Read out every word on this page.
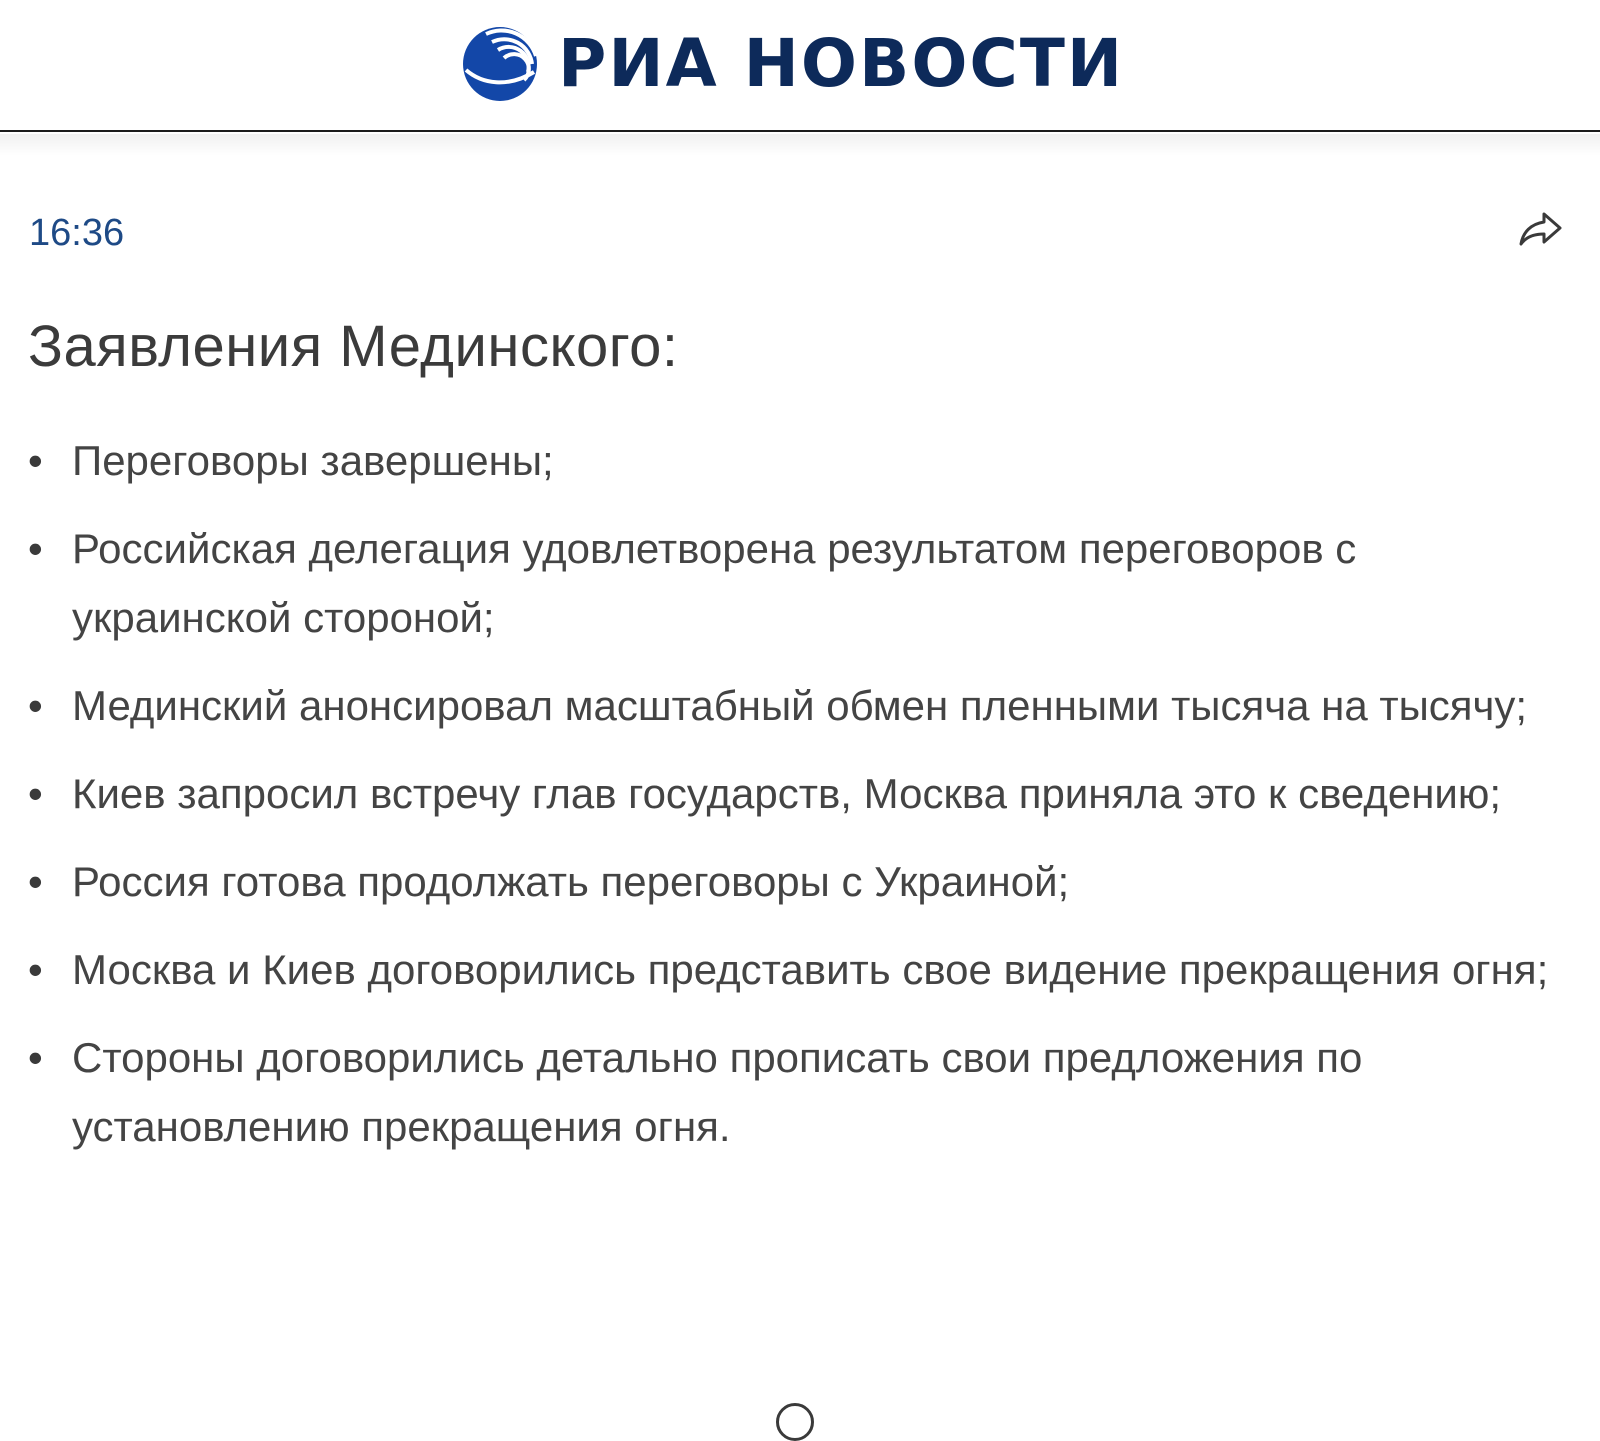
РИА НОВОСТИ
16:36
Заявления Мединского:
• Переговоры завершены;
• Российская делегация удовлетворена результатом переговоров с украинской стороной;
• Мединский анонсировал масштабный обмен пленными тысяча на тысячу;
• Киев запросил встречу глав государств, Москва приняла это к сведению;
• Россия готова продолжать переговоры с Украиной;
• Москва и Киев договорились представить свое видение прекращения огня;
• Стороны договорились детально прописать свои предложения по установлению прекращения огня.
